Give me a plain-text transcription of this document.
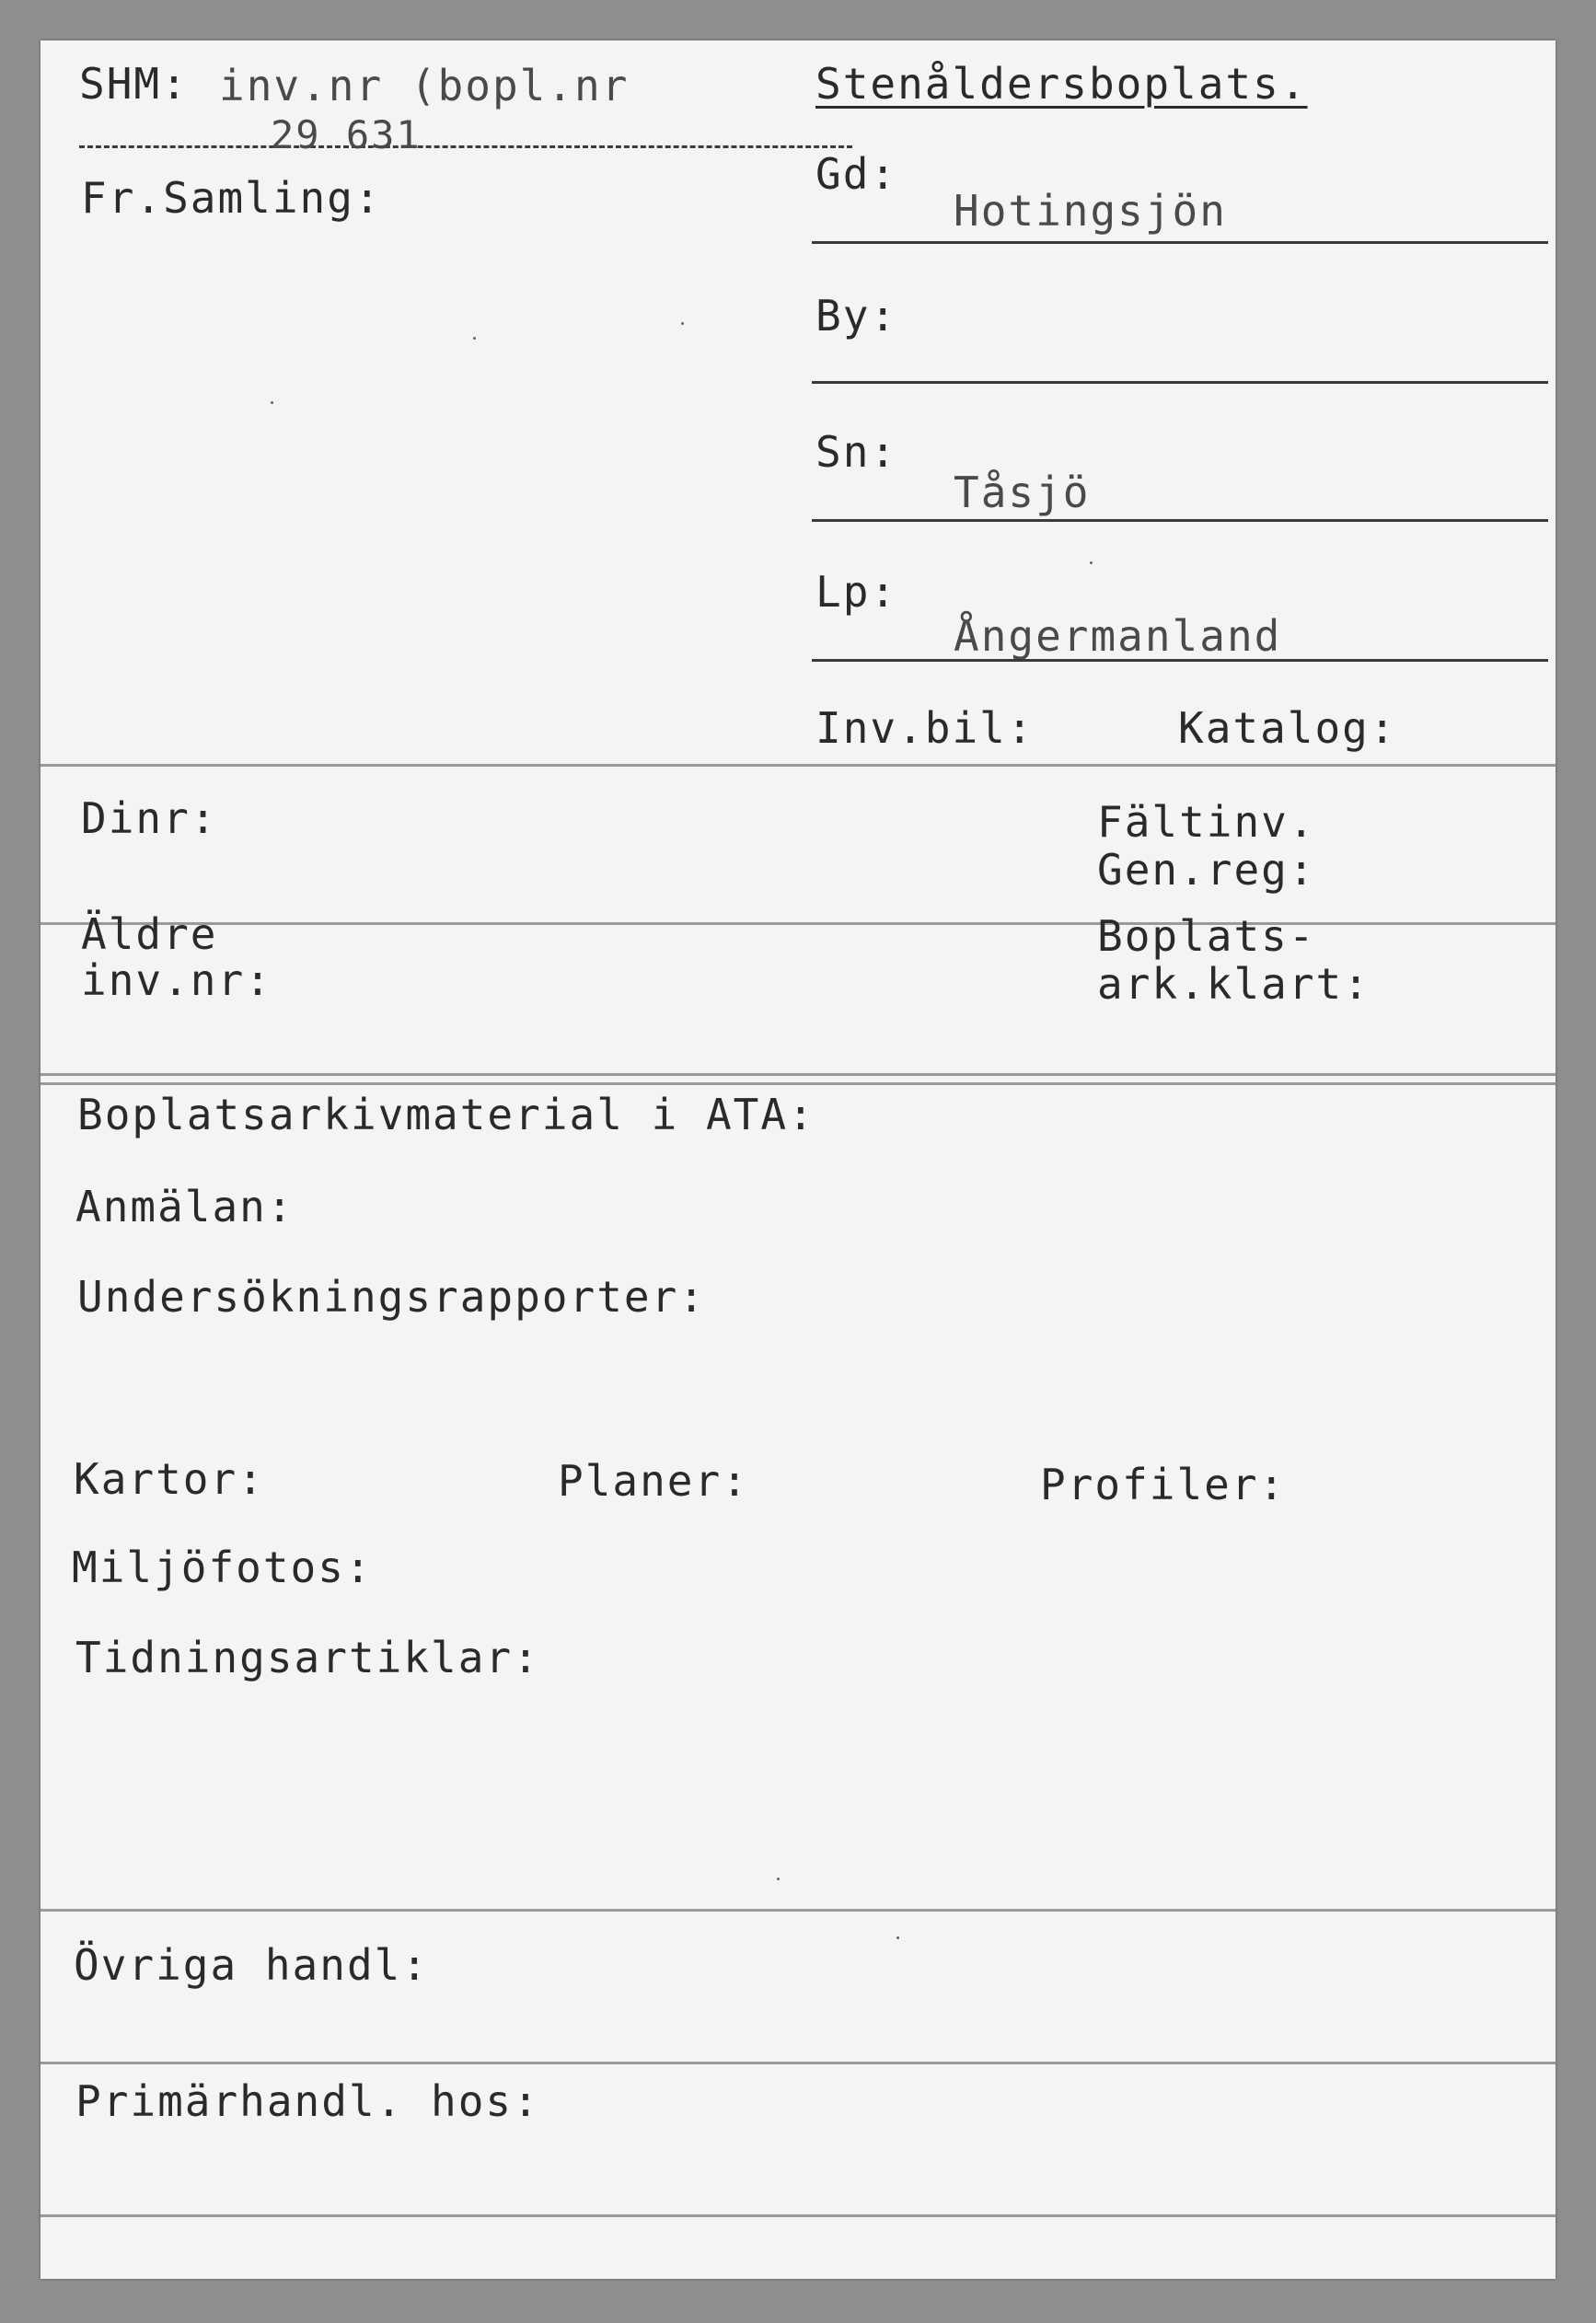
SHM: inv.nr (bopl.nr
29 631
Fr.Samling:
Stenåldersboplats.
Gd:
Hotingsjön
By:
Sn:
Tåsjö
Lp:
Ångermanland
Inv.bil:	Katalog:
Dinr:	Fältinv.
Gen.reg:
Äldre
inv.nr:
Boplats-
ark.klart:
Boplatsarkivmaterial i ATA:
Anmälan:
Undersökningsrapporter:
Kartor:	Planer:	Profiler:
Miljöfotos:
Tidningsartiklar:
Övriga handl:
Primärhandl. hos:
